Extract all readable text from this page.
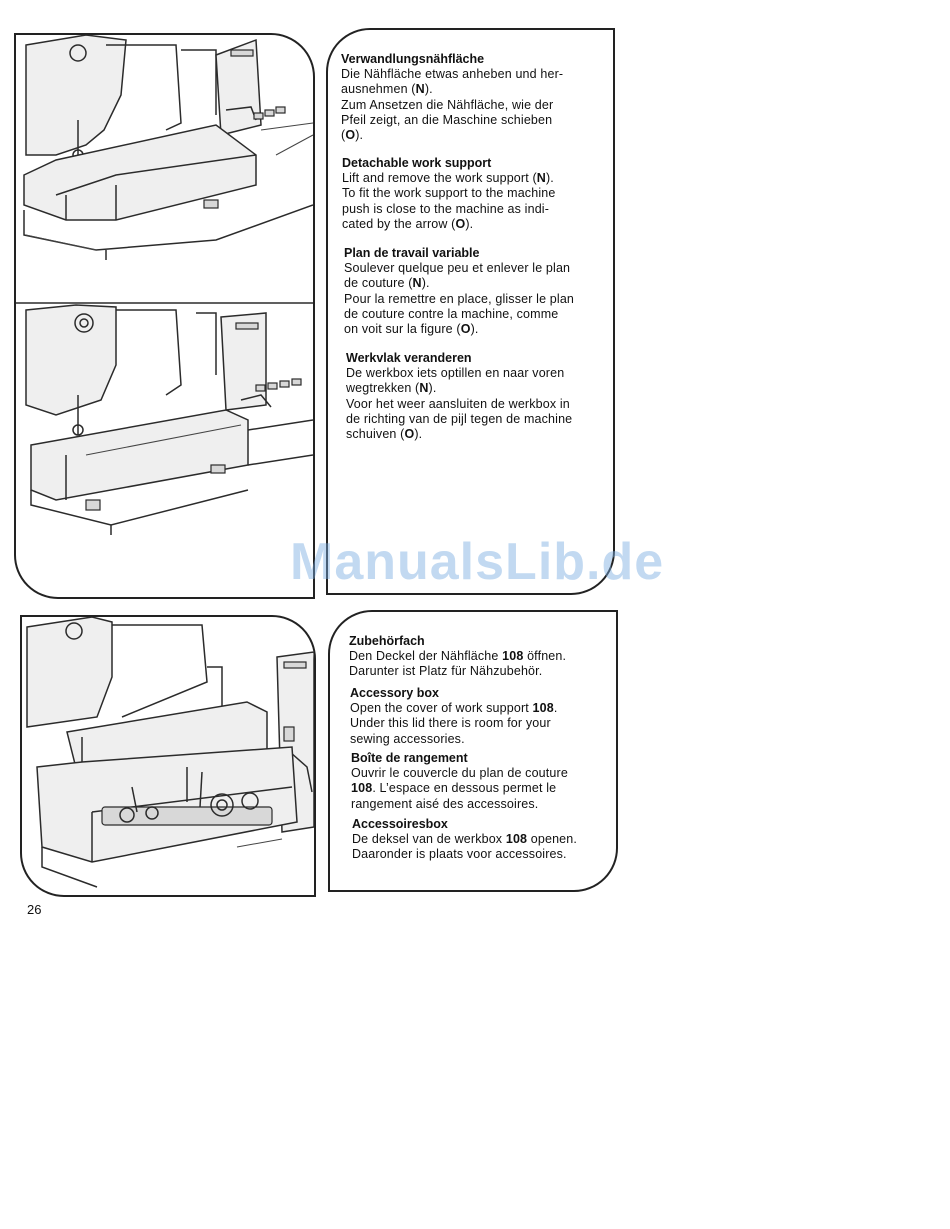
Verwandlungsnähfläche

Die Nähfläche etwas anheben und her-

ausnehmen (N).

Zum Ansetzen die Nähfläche, wie der

Pfeil zeigt, an die Maschine schieben

(O).

Detachable work support

Lift and remove the work support (N).

To fit the work support to the machine

push is close to the machine as indi-

cated by the arrow (O).

Plan de travail variable

Soulever quelque peu et enlever le plan

de couture (N).

Pour la remettre en place, glisser le plan

de couture contre la machine, comme

on voit sur la figure (O).

Werkvlak veranderen

De werkbox iets optillen en naar voren

wegtrekken (N).

Voor het weer aansluiten de werkbox in

de richting van de pijl tegen de machine

schuiven (O).

Zubehörfach

Den Deckel der Nähfläche 108 öffnen.

Darunter ist Platz für Nähzubehör.

Accessory box

Open the cover of work support 108.

Under this lid there is room for your

sewing accessories.

Boîte de rangement

Ouvrir le couvercle du plan de couture

108. L’espace en dessous permet le

rangement aisé des accessoires.

Accessoiresbox

De deksel van de werkbox 108 openen.

Daaronder is plaats voor accessoires.

26
ManualsLib.de
